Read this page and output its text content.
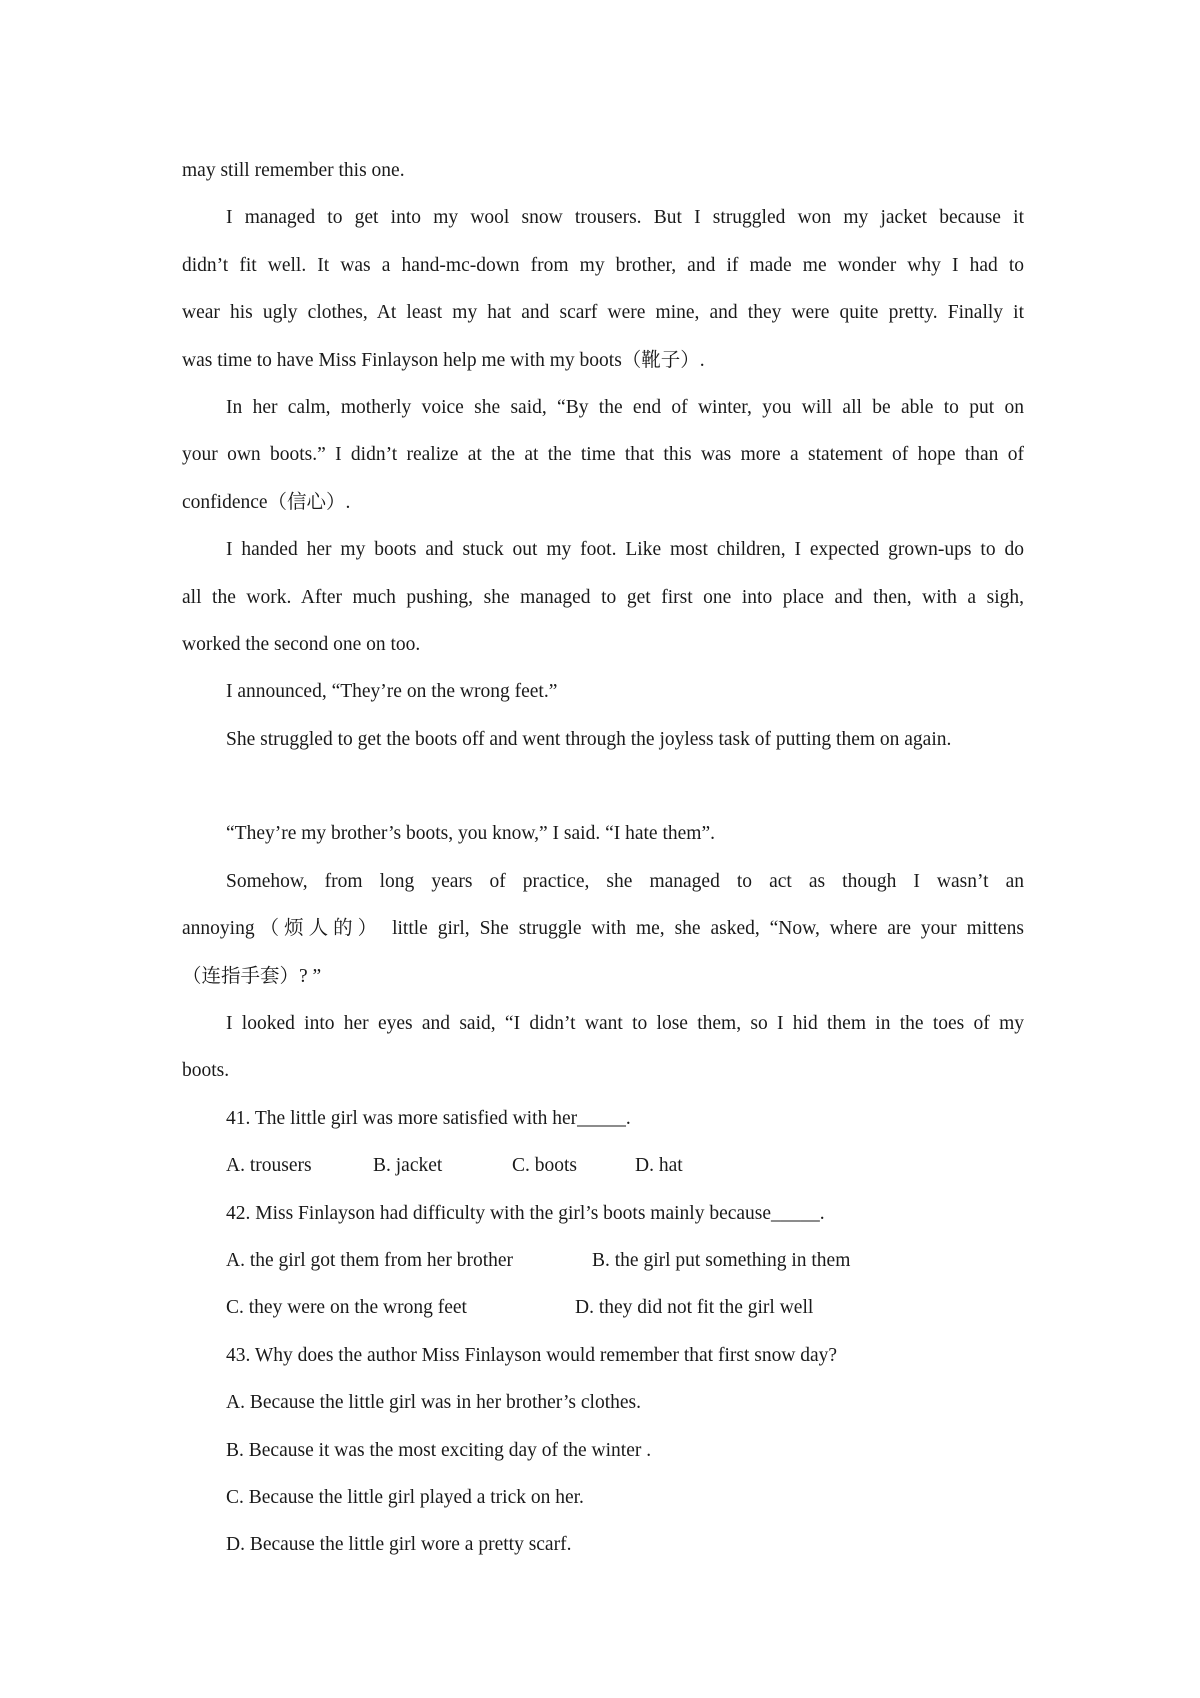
may still remember this one.
I managed to get into my wool snow trousers. But I struggled won my jacket because it
didn’t fit well. It was a hand-mc-down from my brother, and if made me wonder why I had to
wear his ugly clothes, At least my hat and scarf were mine, and they were quite pretty. Finally it
was time to have Miss Finlayson help me with my boots（靴子）.
In her calm, motherly voice she said, “By the end of winter, you will all be able to put on
your own boots.” I didn’t realize at the at the time that this was more a statement of hope than of
confidence（信心）.
I handed her my boots and stuck out my foot. Like most children, I expected grown-ups to do
all the work. After much pushing, she managed to get first one into place and then, with a sigh,
worked the second one on too.
I announced, “They’re on the wrong feet.”
She struggled to get the boots off and went through the joyless task of putting them on again.
“They’re my brother’s boots, you know,” I said. “I hate them”.
Somehow, from long years of practice, she managed to act as though I wasn’t an
annoying（烦人的） little girl, She struggle with me, she asked, “Now, where are your mittens
（连指手套）? ”
I looked into her eyes and said, “I didn’t want to lose them, so I hid them in the toes of my
boots.
41. The little girl was more satisfied with her_____.
A. trousers	B. jacket	C. boots	D. hat
42. Miss Finlayson had difficulty with the girl’s boots mainly because_____.
A. the girl got them from her brother	B. the girl put something in them
C. they were on the wrong feet	D. they did not fit the girl well
43. Why does the author Miss Finlayson would remember that first snow day?
A. Because the little girl was in her brother’s clothes.
B. Because it was the most exciting day of the winter .
C. Because the little girl played a trick on her.
D. Because the little girl wore a pretty scarf.
